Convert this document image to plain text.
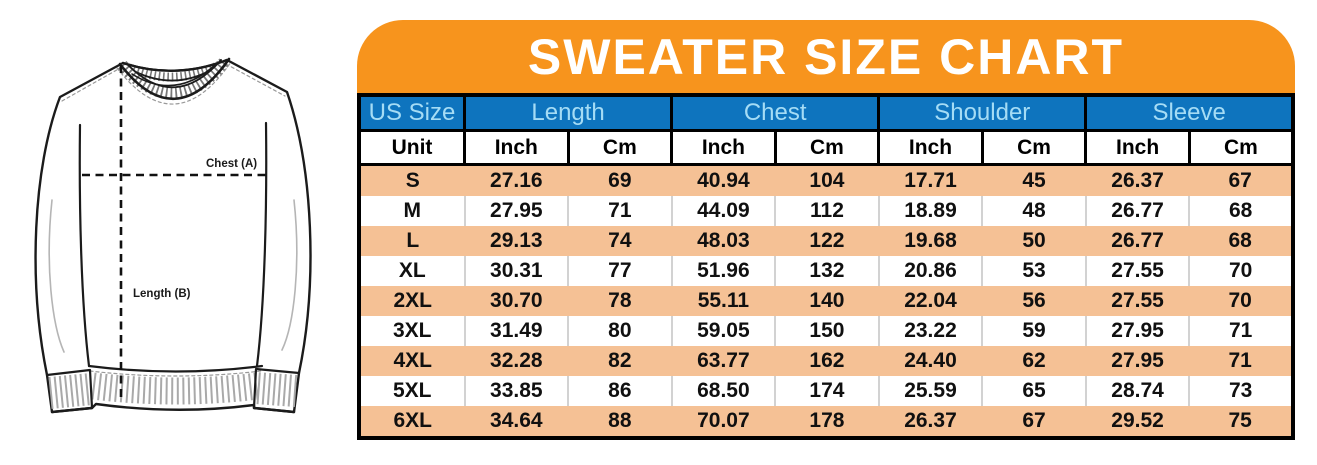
Chest (A)
Length (B)
SWEATER SIZE CHART
US Size	Length		Chest		Shoulder		Sleeve	
Unit	Inch	Cm	Inch	Cm	Inch	Cm	Inch	Cm
S	27.16	69	40.94	104	17.71	45	26.37	67
M	27.95	71	44.09	112	18.89	48	26.77	68
L	29.13	74	48.03	122	19.68	50	26.77	68
XL	30.31	77	51.96	132	20.86	53	27.55	70
2XL	30.70	78	55.11	140	22.04	56	27.55	70
3XL	31.49	80	59.05	150	23.22	59	27.95	71
4XL	32.28	82	63.77	162	24.40	62	27.95	71
5XL	33.85	86	68.50	174	25.59	65	28.74	73
6XL	34.64	88	70.07	178	26.37	67	29.52	75
